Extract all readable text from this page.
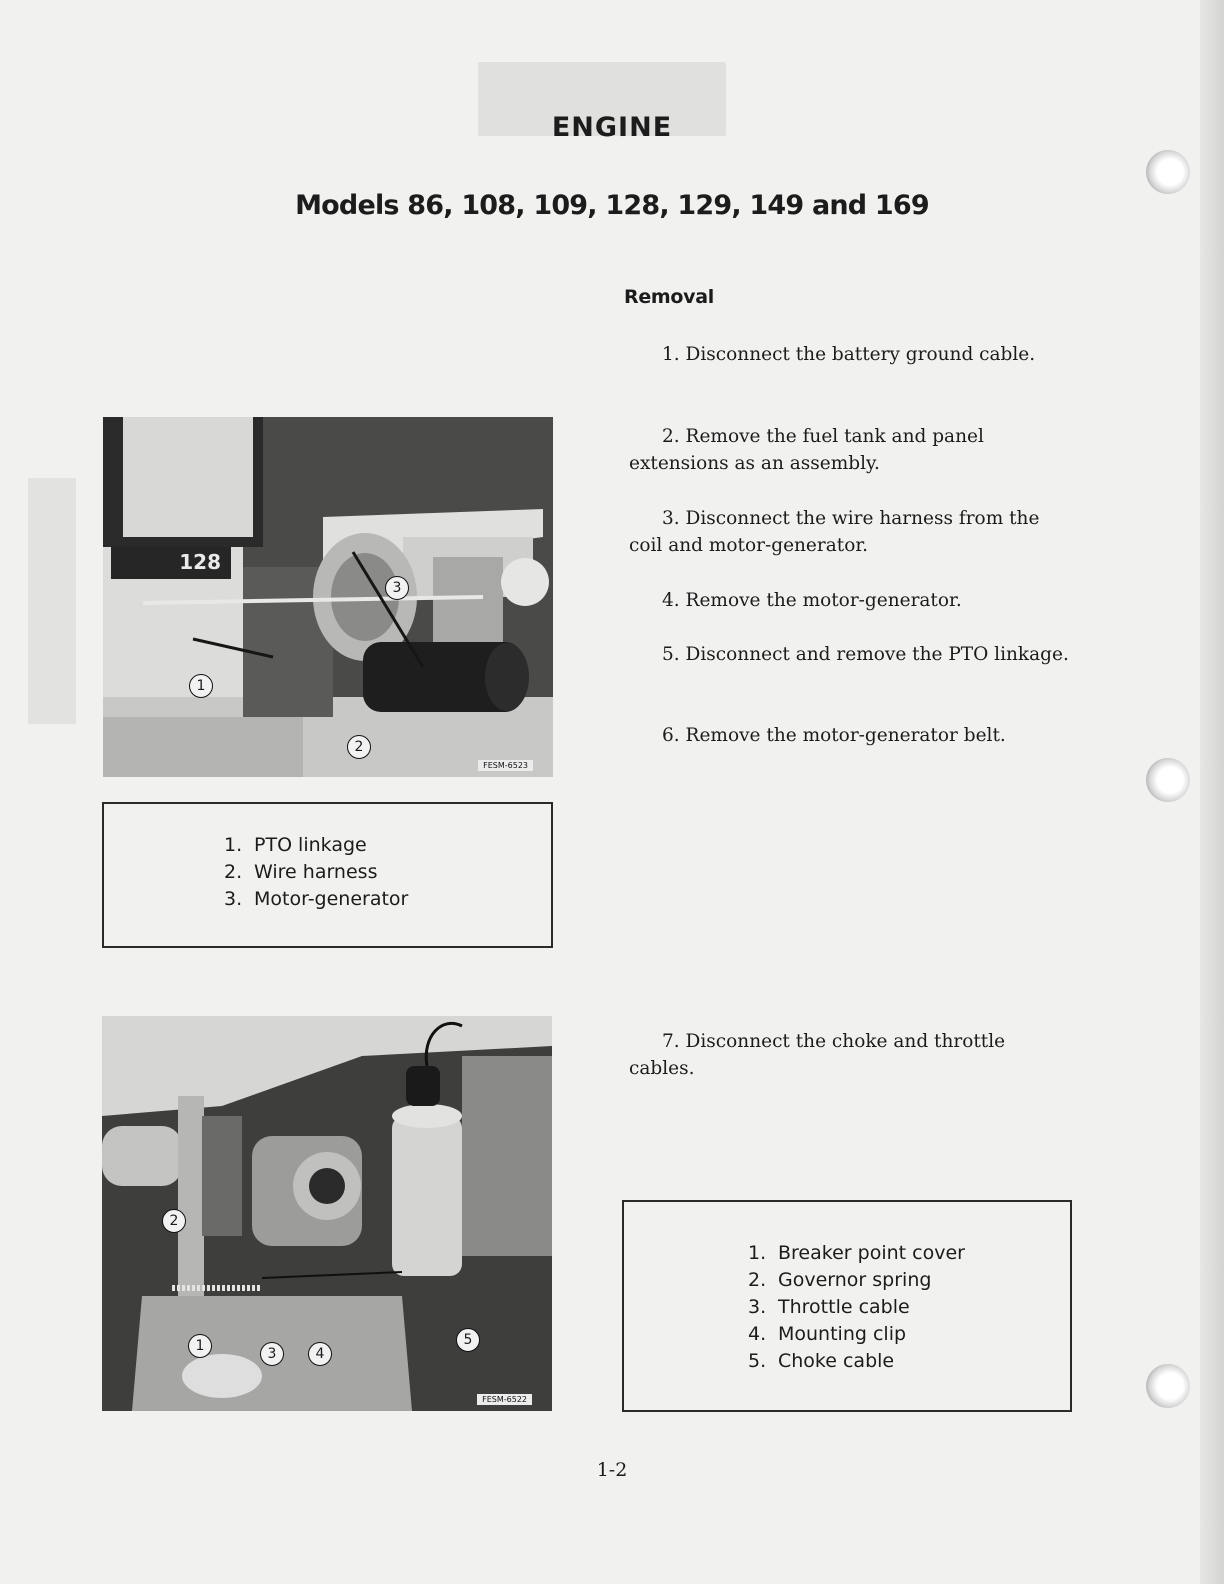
ENGINE
Models 86, 108, 109, 128, 129, 149 and 169
Removal
1. Disconnect the battery ground cable.
2. Remove the fuel tank and panel extensions as an assembly.
3. Disconnect the wire harness from the coil and motor-generator.
4. Remove the motor-generator.
5. Disconnect and remove the PTO linkage.
6. Remove the motor-generator belt.
7. Disconnect the choke and throttle cables.
128
1
2
3
FESM-6523
1. PTO linkage
2. Wire harness
3. Motor-generator
2
1	3	4
5
FESM-6522
1. Breaker point cover
2. Governor spring
3. Throttle cable
4. Mounting clip
5. Choke cable
1-2
